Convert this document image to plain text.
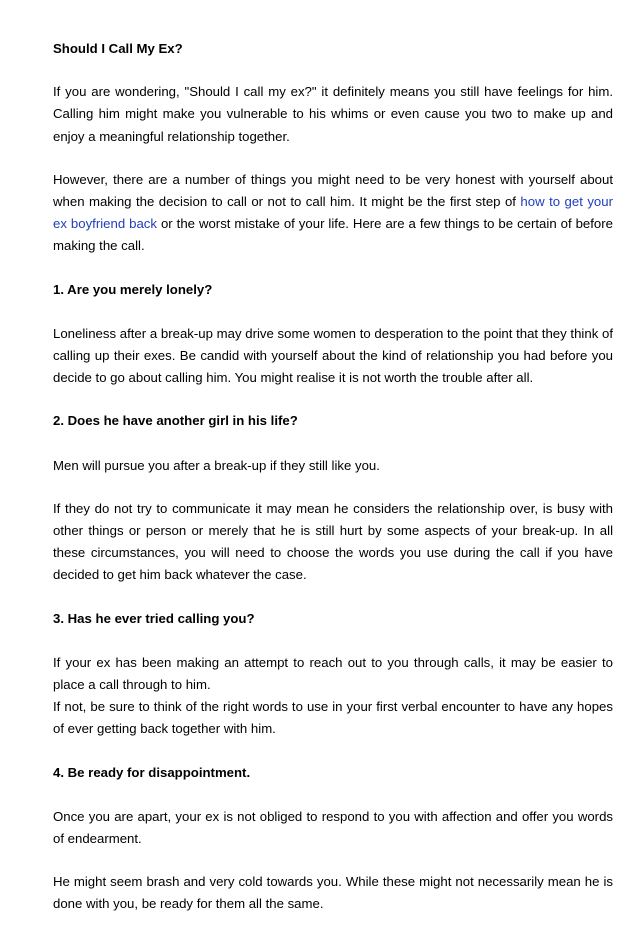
Should I Call My Ex?

If you are wondering, "Should I call my ex?" it definitely means you still have feelings for him. Calling him might make you vulnerable to his whims or even cause you two to make up and enjoy a meaningful relationship together.

However, there are a number of things you might need to be very honest with yourself about when making the decision to call or not to call him. It might be the first step of how to get your ex boyfriend back or the worst mistake of your life. Here are a few things to be certain of before making the call.

1. Are you merely lonely?

Loneliness after a break-up may drive some women to desperation to the point that they think of calling up their exes. Be candid with yourself about the kind of relationship you had before you decide to go about calling him. You might realise it is not worth the trouble after all.

2. Does he have another girl in his life?

Men will pursue you after a break-up if they still like you.

If they do not try to communicate it may mean he considers the relationship over, is busy with other things or person or merely that he is still hurt by some aspects of your break-up. In all these circumstances, you will need to choose the words you use during the call if you have decided to get him back whatever the case.

3. Has he ever tried calling you?

If your ex has been making an attempt to reach out to you through calls, it may be easier to place a call through to him.

If not, be sure to think of the right words to use in your first verbal encounter to have any hopes of ever getting back together with him.

4. Be ready for disappointment.

Once you are apart, your ex is not obliged to respond to you with affection and offer you words of endearment.

He might seem brash and very cold towards you. While these might not necessarily mean he is done with you, be ready for them all the same.
